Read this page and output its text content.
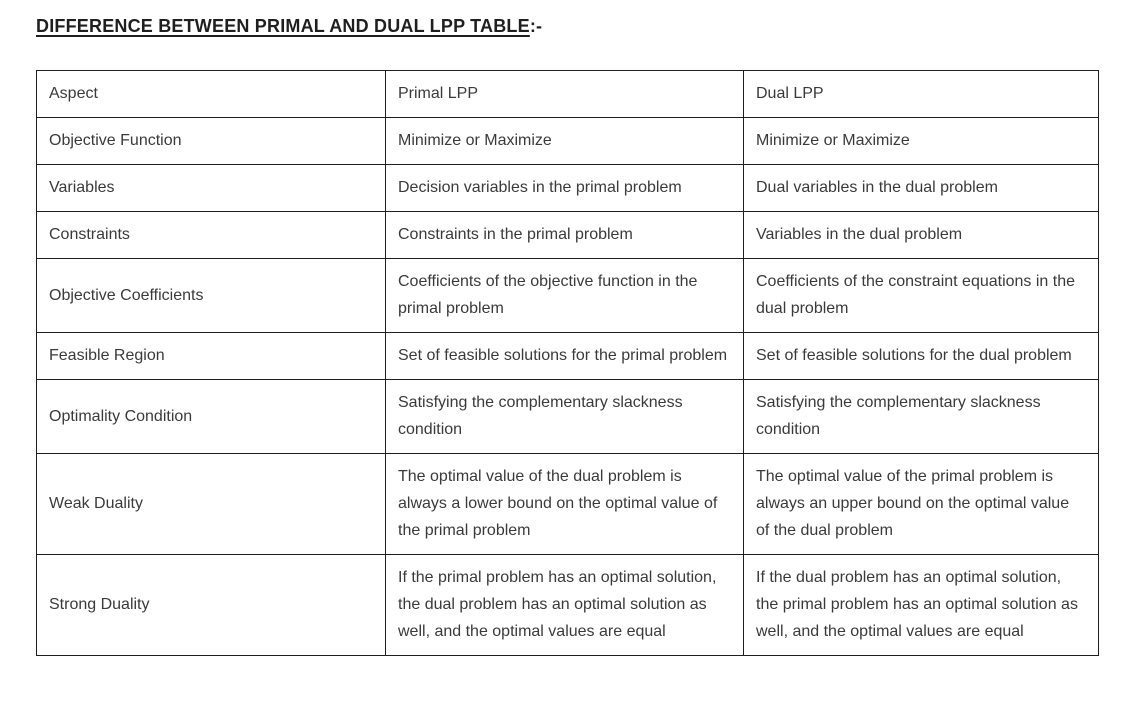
DIFFERENCE BETWEEN PRIMAL AND DUAL LPP TABLE:-
Aspect	Primal LPP	Dual LPP
Objective Function	Minimize or Maximize	Minimize or Maximize
Variables	Decision variables in the primal problem	Dual variables in the dual problem
Constraints	Constraints in the primal problem	Variables in the dual problem
Objective Coefficients	Coefficients of the objective function in the primal problem	Coefficients of the constraint equations in the dual problem
Feasible Region	Set of feasible solutions for the primal problem	Set of feasible solutions for the dual problem
Optimality Condition	Satisfying the complementary slackness condition	Satisfying the complementary slackness condition
Weak Duality	The optimal value of the dual problem is always a lower bound on the optimal value of the primal problem	The optimal value of the primal problem is always an upper bound on the optimal value of the dual problem
Strong Duality	If the primal problem has an optimal solution, the dual problem has an optimal solution as well, and the optimal values are equal	If the dual problem has an optimal solution, the primal problem has an optimal solution as well, and the optimal values are equal
